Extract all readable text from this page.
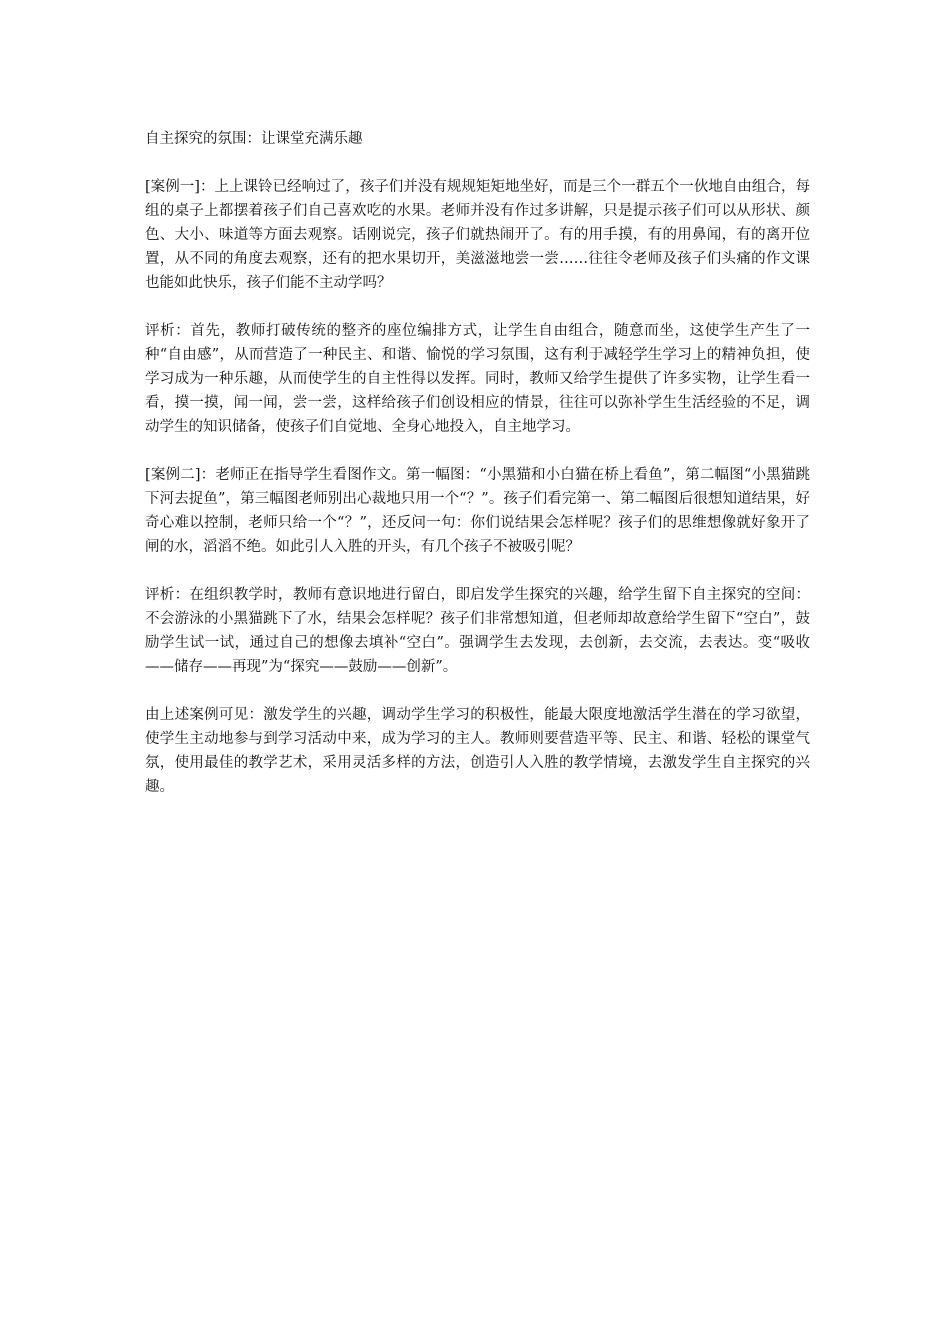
自主探究的氛围：让课堂充满乐趣

[案例一]：上上课铃已经响过了，孩子们并没有规规矩矩地坐好，而是三个一群五个一伙地自由组合，每组的桌子上都摆着孩子们自己喜欢吃的水果。老师并没有作过多讲解，只是提示孩子们可以从形状、颜色、大小、味道等方面去观察。话刚说完，孩子们就热闹开了。有的用手摸，有的用鼻闻，有的离开位置，从不同的角度去观察，还有的把水果切开，美滋滋地尝一尝……往往令老师及孩子们头痛的作文课也能如此快乐，孩子们能不主动学吗？

评析：首先，教师打破传统的整齐的座位编排方式，让学生自由组合，随意而坐，这使学生产生了一种“自由感”，从而营造了一种民主、和谐、愉悦的学习氛围，这有利于减轻学生学习上的精神负担，使学习成为一种乐趣，从而使学生的自主性得以发挥。同时，教师又给学生提供了许多实物，让学生看一看，摸一摸，闻一闻，尝一尝，这样给孩子们创设相应的情景，往往可以弥补学生生活经验的不足，调动学生的知识储备，使孩子们自觉地、全身心地投入，自主地学习。

[案例二]：老师正在指导学生看图作文。第一幅图：“小黑猫和小白猫在桥上看鱼”，第二幅图“小黑猫跳下河去捉鱼”，第三幅图老师别出心裁地只用一个“？”。孩子们看完第一、第二幅图后很想知道结果，好奇心难以控制，老师只给一个“？”，还反问一句：你们说结果会怎样呢？孩子们的思维想像就好象开了闸的水，滔滔不绝。如此引人入胜的开头，有几个孩子不被吸引呢？

评析：在组织教学时，教师有意识地进行留白，即启发学生探究的兴趣，给学生留下自主探究的空间：不会游泳的小黑猫跳下了水，结果会怎样呢？孩子们非常想知道，但老师却故意给学生留下“空白”，鼓励学生试一试，通过自己的想像去填补“空白”。强调学生去发现，去创新，去交流，去表达。变“吸收——储存——再现”为“探究——鼓励——创新”。

由上述案例可见：激发学生的兴趣，调动学生学习的积极性，能最大限度地激活学生潜在的学习欲望，使学生主动地参与到学习活动中来，成为学习的主人。教师则要营造平等、民主、和谐、轻松的课堂气氛，使用最佳的教学艺术，采用灵活多样的方法，创造引人入胜的教学情境，去激发学生自主探究的兴趣。
